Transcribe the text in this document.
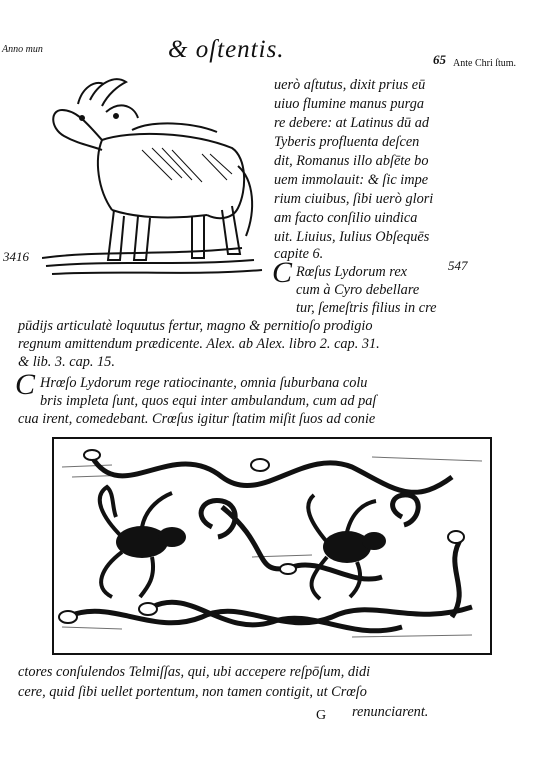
Anno mun	& oſtentis.	65 Ante Chri ſtum.
uerò aſtutus, dixit prius eū
uiuo flumine manus purga
re debere: at Latinus dū ad
Tyberis profluenta deſcen
dit, Romanus illo abſēte bo
uem immolauit: & ſic impe
rium ciuibus, ſibi uerò glori
am facto conſilio uindica
uit. Liuius, Iulius Obſequēs
capite 6.
3416
547
C Rœſus Lydorum rex
cum à Cyro debellare
tur, ſemeſtris filius in cre
pūdijs articulatè loquutus fertur, magno & pernitioſo prodigio
regnum amittendum prædicente. Alex. ab Alex. libro 2. cap. 31.
& lib. 3. cap. 15.
C Hrœſo Lydorum rege ratiocinante, omnia ſuburbana colu
bris impleta ſunt, quos equi inter ambulandum, cum ad paſ
cua irent, comedebant. Crœſus igitur ſtatim miſit ſuos ad conie
ctores conſulendos Telmiſſas, qui, ubi accepere reſpōſum, didi
cere, quid ſibi uellet portentum, non tamen contigit, ut Crœſo
G renunciarent.
